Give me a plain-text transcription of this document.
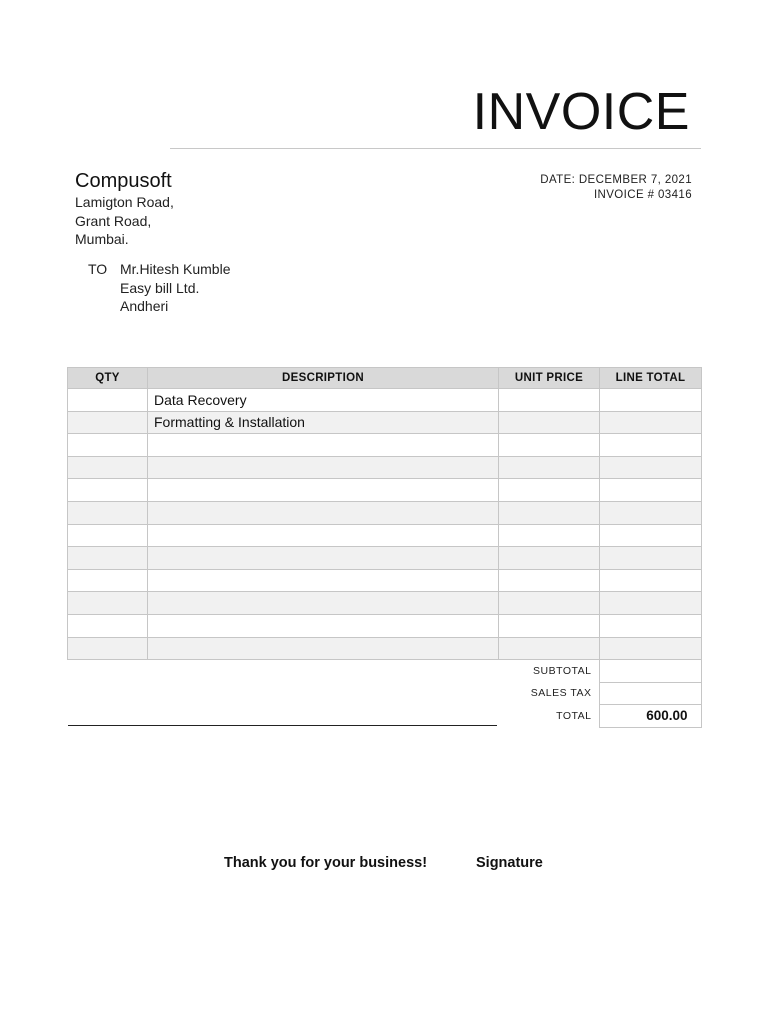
INVOICE
Compusoft
Lamigton Road,
Grant Road,
Mumbai.
DATE: DECEMBER 7, 2021
INVOICE # 03416
TO Mr.Hitesh Kumble
Easy bill Ltd.
Andheri
QTY	DESCRIPTION	UNIT PRICE	LINE TOTAL
	Data Recovery		
	Formatting & Installation		

SUBTOTAL	
SALES TAX	
TOTAL	600.00
Thank you for your business!	Signature
